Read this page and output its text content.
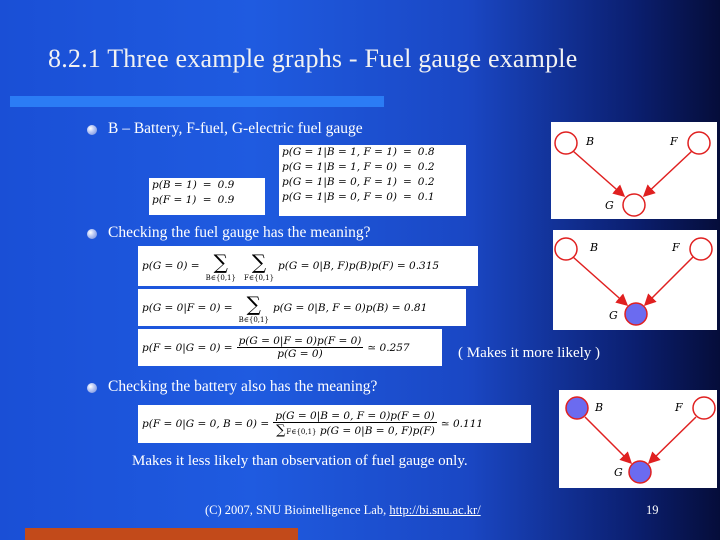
8.2.1 Three example graphs - Fuel gauge example
B – Battery, F-fuel, G-electric fuel gauge
p(B = 1)	=	0.9
p(F = 1)	=	0.9
p(G = 1|B = 1, F = 1)	=	0.8
p(G = 1|B = 1, F = 0)	=	0.2
p(G = 1|B = 0, F = 1)	=	0.2
p(G = 1|B = 0, F = 0)	=	0.1
B	F
G
Checking the fuel gauge has the meaning?
p(G = 0) = ∑
B∈{0,1}
∑
F∈{0,1}
p(G = 0|B, F)p(B)p(F) = 0.315
p(G = 0|F = 0) = ∑
B∈{0,1}
p(G = 0|B, F = 0)p(B) = 0.81
$p(F = 0|G = 0) = \frac{p(G = 0|F = 0)p(F = 0)}{p(G = 0)}$ ≃ 0.257	( Makes it more likely )
B	F
G
Checking the battery also has the meaning?
p(F = 0|G = 0, $B = 0) = \frac{p(G = 0|B = 0, F = 0)p(F = 0)}{\sum F\in\{0,1\} p(G = 0|B = 0, F)p(F)}$ ≃ 0.111
Makes it less likely than observation of fuel gauge only.
B	F
G
(C) 2007, SNU Biointelligence Lab, http://bi.snu.ac.kr/	19
